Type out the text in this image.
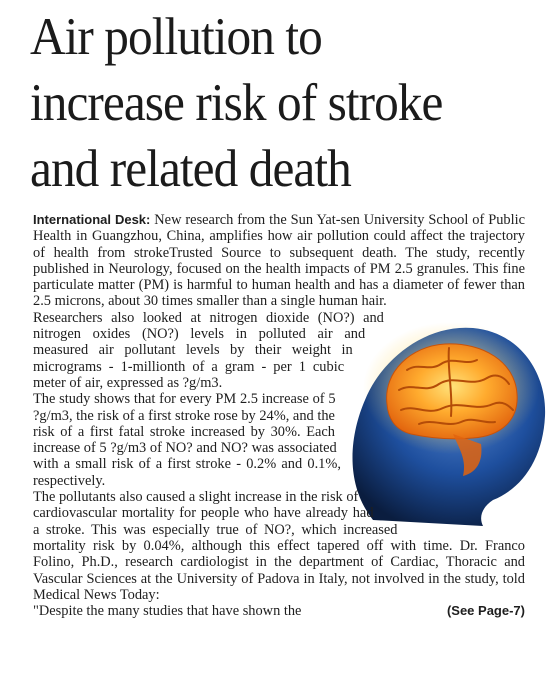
Air pollution to
increase risk of stroke
and related death

International Desk: New research from the Sun Yat-sen University School of Public Health in Guangzhou, China, amplifies how air pollution could affect the trajectory of health from strokeTrusted Source to subsequent death. The study, recently published in Neurology, focused on the health impacts of PM 2.5 granules. This fine particulate matter (PM) is harmful to human health and has a diameter of fewer than 2.5 microns, about 30 times smaller than a single human hair.

Researchers also looked at nitrogen dioxide (NO?) and nitrogen oxides (NO?) levels in polluted air and measured air pollutant levels by their weight in micrograms - 1-millionth of a gram - per 1 cubic meter of air, expressed as ?g/m3.

The study shows that for every PM 2.5 increase of 5 ?g/m3, the risk of a first stroke rose by 24%, and the risk of a first fatal stroke increased by 30%. Each increase of 5 ?g/m3 of NO? and NO? was associated with a small risk of a first stroke - 0.2% and 0.1%, respectively.

The pollutants also caused a slight increase in the risk of cardiovascular mortality for people who have already had a stroke. This was especially true of NO?, which increased mortality risk by 0.04%, although this effect tapered off with time. Dr. Franco Folino, Ph.D., research cardiologist in the department of Cardiac, Thoracic and Vascular Sciences at the University of Padova in Italy, not involved in the study, told Medical News Today:

"Despite the many studies that have shown the	(See Page-7)
